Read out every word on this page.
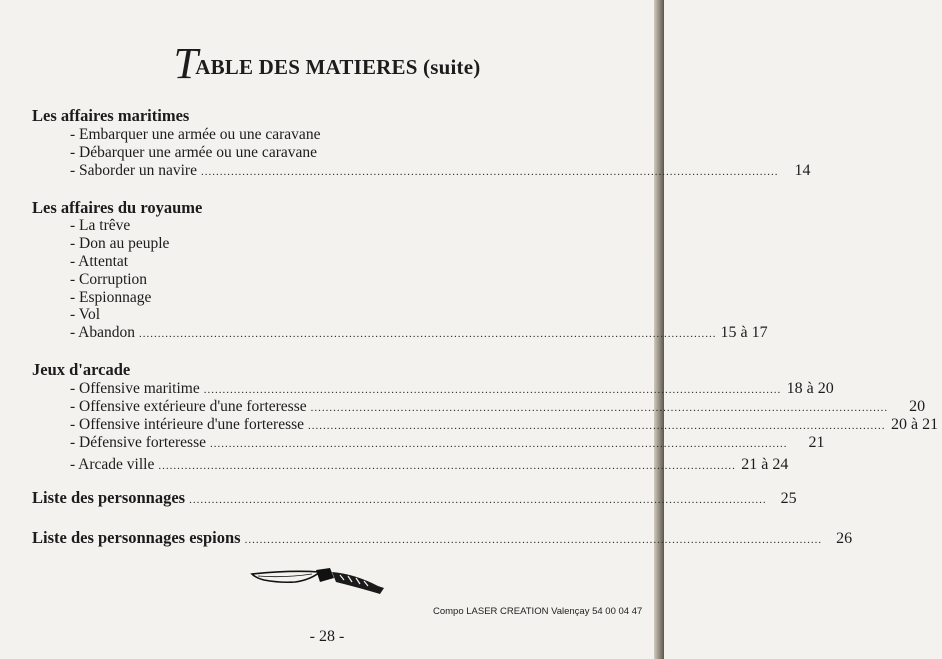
TABLE DES MATIERES (suite)
Les affaires maritimes
- Embarquer une armée ou une caravane
- Débarquer une armée ou une caravane
- Saborder un navire ..........................................................................................................................................................	14
Les affaires du royaume
- La trêve
- Don au peuple
- Attentat
- Corruption
- Espionnage
- Vol
- Abandon .......................................................................................................................................................... 15 à 17
Jeux d'arcade
- Offensive maritime .......................................................................................................................................................... 18 à 20
- Offensive extérieure d'une forteresse ..........................................................................................................................................................	20
- Offensive intérieure d'une forteresse .......................................................................................................................................................... 20 à 21
- Défensive forteresse ..........................................................................................................................................................	21
- Arcade ville .......................................................................................................................................................... 21 à 24
Liste des personnages .......................................................................................................................................................... 25
Liste des personnages espions .......................................................................................................................................................... 26
Compo LASER CREATION Valençay 54 00 04 47
- 28 -
